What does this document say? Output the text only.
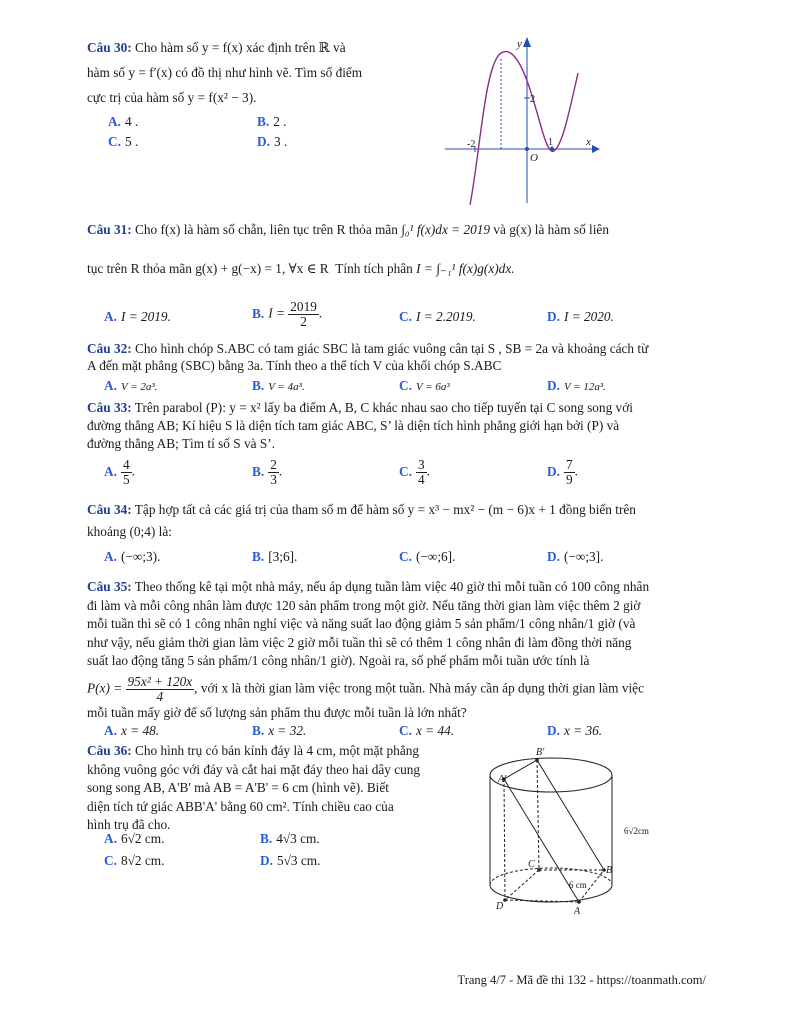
Câu 30: Cho hàm số y = f(x) xác định trên ℝ và
hàm số y = f′(x) có đồ thị như hình vẽ. Tìm số điểm
cực trị của hàm số y = f(x² − 3).
A. 4 .	B. 2 .
C. 5 .	D. 3 .
y
x
O
2
-2	1
Câu 31: Cho f(x) là hàm số chẵn, liên tục trên R thỏa mãn ∫₀¹ f(x)dx = 2019 và g(x) là hàm số liên
tục trên R thỏa mãn g(x) + g(−x) = 1, ∀x ∈ R Tính tích phân I = ∫₋₁¹ f(x)g(x)dx.
A. I = 2019.	B. $I = \frac{2019}{2}$ .	C. I = 2.2019.	D. I = 2020.
Câu 32: Cho hình chóp S.ABC có tam giác SBC là tam giác vuông cân tại S , SB = 2a và khoảng cách từ
A đến mặt phẳng (SBC) bằng 3a. Tính theo a thể tích V của khối chóp S.ABC
A. V = 2a³.	B. V = 4a³.	C. V = 6a³	D. V = 12a³.
Câu 33: Trên parabol (P): y = x² lấy ba điểm A, B, C khác nhau sao cho tiếp tuyến tại C song song với
đường thẳng AB; Kí hiệu S là diện tích tam giác ABC, S’ là diện tích hình phẳng giới hạn bởi (P) và
đường thẳng AB; Tìm tỉ số S và S’.
A. $\frac{4}{5}$ .	B. $\frac{2}{3}$ .	C. $\frac{3}{4}$ .	D. $\frac{7}{9}$ .
Câu 34: Tập hợp tất cả các giá trị của tham số m để hàm số y = x³ − mx² − (m − 6)x + 1 đồng biến trên
khoảng (0;4) là:
A. (−∞;3).	B. [3;6].	C. (−∞;6].	D. (−∞;3].
Câu 35: Theo thống kê tại một nhà máy, nếu áp dụng tuần làm việc 40 giờ thì mỗi tuần có 100 công nhân
đi làm và mỗi công nhân làm được 120 sản phẩm trong một giờ. Nếu tăng thời gian làm việc thêm 2 giờ
mỗi tuần thì sẽ có 1 công nhân nghỉ việc và năng suất lao động giảm 5 sản phẩm/1 công nhân/1 giờ (và
như vậy, nếu giảm thời gian làm việc 2 giờ mỗi tuần thì sẽ có thêm 1 công nhân đi làm đồng thời năng
suất lao động tăng 5 sản phẩm/1 công nhân/1 giờ). Ngoài ra, số phế phẩm mỗi tuần ước tính là
$P(x) = \frac{\text{95x² + 120x}}{4}$ , với x là thời gian làm việc trong một tuần. Nhà máy cần áp dụng thời gian làm việc
mỗi tuần mấy giờ để số lượng sản phẩm thu được mỗi tuần là lớn nhất?
A. x = 48.	B. x = 32.	C. x = 44.	D. x = 36.
Câu 36: Cho hình trụ có bán kính đáy là 4 cm, một mặt phẳng
không vuông góc với đáy và cắt hai mặt đáy theo hai dây cung
song song AB, A'B' mà AB = A'B' = 6 cm (hình vẽ). Biết
diện tích tứ giác ABB'A' bằng 60 cm². Tính chiều cao của
hình trụ đã cho.
A. 6√2 cm.	B. 4√3 cm.
C. 8√2 cm.	D. 5√3 cm.
B'
A'
C
B
D	A
6 cm
6√2cm
Trang 4/7 - Mã đề thi 132 - https://toanmath.com/
